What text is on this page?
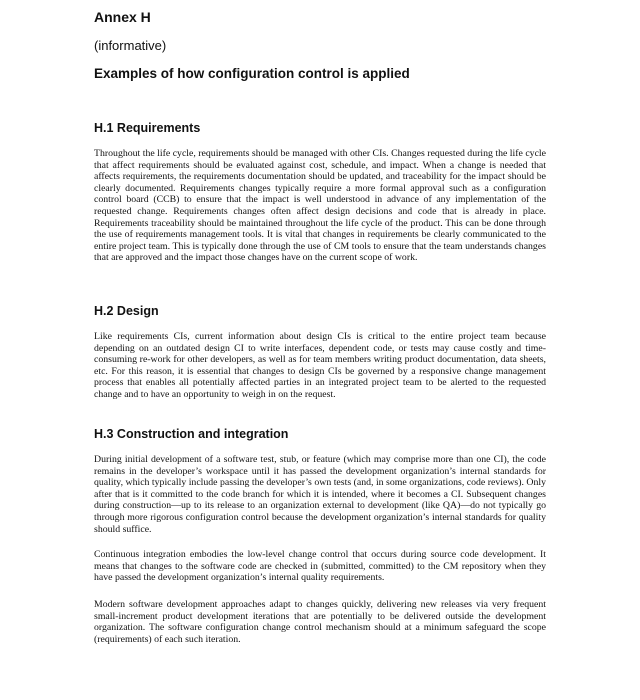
Annex H
(informative)
Examples of how configuration control is applied
H.1 Requirements

Throughout the life cycle, requirements should be managed with other CIs. Changes requested during the life cycle that affect requirements should be evaluated against cost, schedule, and impact. When a change is needed that affects requirements, the requirements documentation should be updated, and traceability for the impact should be clearly documented. Requirements changes typically require a more formal approval such as a configuration control board (CCB) to ensure that the impact is well understood in advance of any implementation of the requested change. Requirements changes often affect design decisions and code that is already in place. Requirements traceability should be maintained throughout the life cycle of the product. This can be done through the use of requirements management tools. It is vital that changes in requirements be clearly communicated to the entire project team. This is typically done through the use of CM tools to ensure that the team understands changes that are approved and the impact those changes have on the current scope of work.

H.2 Design

Like requirements CIs, current information about design CIs is critical to the entire project team because depending on an outdated design CI to write interfaces, dependent code, or tests may cause costly and time-consuming re-work for other developers, as well as for team members writing product documentation, data sheets, etc. For this reason, it is essential that changes to design CIs be governed by a responsive change management process that enables all potentially affected parties in an integrated project team to be alerted to the requested change and to have an opportunity to weigh in on the request.

H.3 Construction and integration

During initial development of a software test, stub, or feature (which may comprise more than one CI), the code remains in the developer’s workspace until it has passed the development organization’s internal standards for quality, which typically include passing the developer’s own tests (and, in some organizations, code reviews). Only after that is it committed to the code branch for which it is intended, where it becomes a CI. Subsequent changes during construction—up to its release to an organization external to development (like QA)—do not typically go through more rigorous configuration control because the development organization’s internal standards for quality should suffice.

Continuous integration embodies the low-level change control that occurs during source code development. It means that changes to the software code are checked in (submitted, committed) to the CM repository when they have passed the development organization’s internal quality requirements.

Modern software development approaches adapt to changes quickly, delivering new releases via very frequent small-increment product development iterations that are potentially to be delivered outside the development organization. The software configuration change control mechanism should at a minimum safeguard the scope (requirements) of each such iteration.
